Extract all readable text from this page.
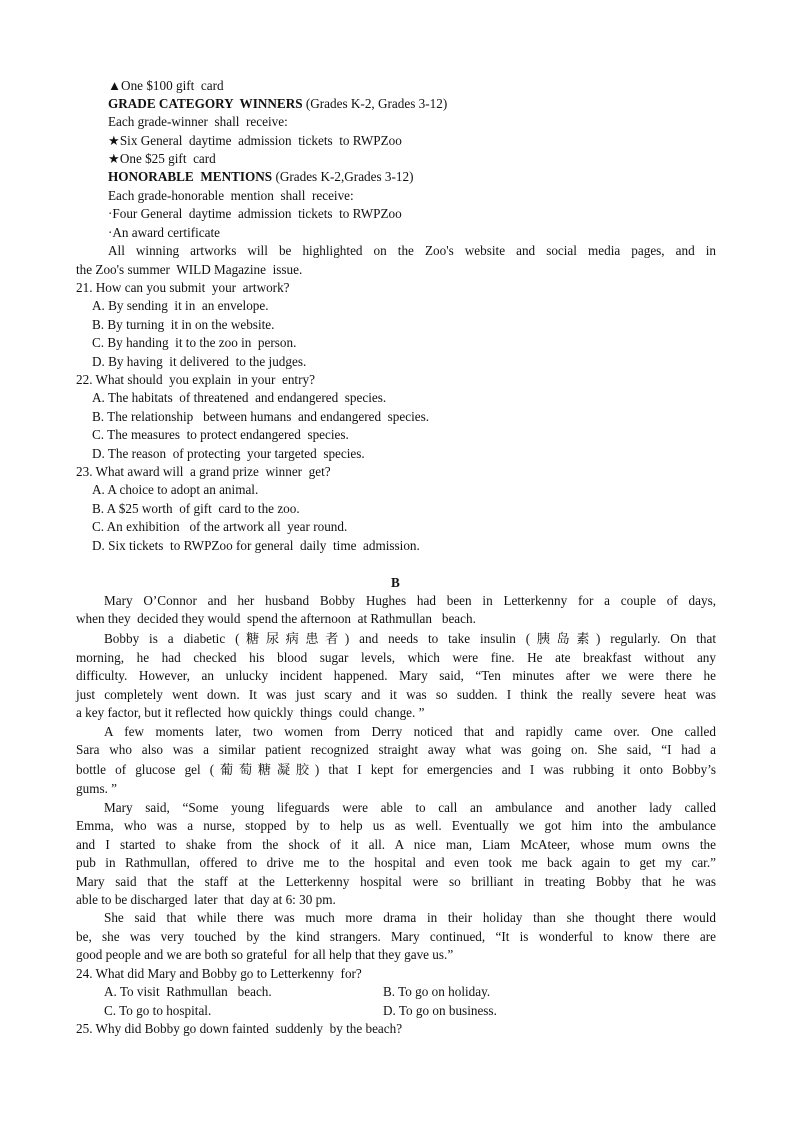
▲One $100 gift  card
GRADE CATEGORY  WINNERS (Grades K-2, Grades 3-12)
Each grade-winner  shall  receive:
★Six General  daytime  admission  tickets  to RWPZoo
★One $25 gift  card
HONORABLE  MENTIONS (Grades K-2,Grades 3-12)
Each grade-honorable  mention  shall  receive:
·Four General  daytime  admission  tickets  to RWPZoo
·An award certificate
All winning artworks will be highlighted on the Zoo's website and social media pages, and in
the Zoo's summer  WILD Magazine  issue.
21. How can you submit  your  artwork?
A. By sending  it in  an envelope.
B. By turning  it in on the website.
C. By handing  it to the zoo in  person.
D. By having  it delivered  to the judges.
22. What should  you explain  in your  entry?
A. The habitats  of threatened  and endangered  species.
B. The relationship   between humans  and endangered  species.
C. The measures  to protect endangered  species.
D. The reason  of protecting  your targeted  species.
23. What award will  a grand prize  winner  get?
A. A choice to adopt an animal.
B. A $25 worth  of gift  card to the zoo.
C. An exhibition   of the artwork all  year round.
D. Six tickets  to RWPZoo for general  daily  time  admission.
B
Mary O’Connor and her husband Bobby Hughes had been in Letterkenny for a couple of days,
when they  decided they would  spend the afternoon  at Rathmullan   beach.
Bobby is a diabetic (糖尿病患者) and needs to take insulin (胰岛素) regularly. On that
morning, he had checked his blood sugar levels, which were fine. He ate breakfast without any
difficulty. However, an unlucky incident happened. Mary said, “Ten minutes after we were there he
just completely went down. It was just scary and it was so sudden. I think the really severe heat was
a key factor, but it reflected  how quickly  things  could  change. ”
A few moments later, two women from Derry noticed that and rapidly came over. One called
Sara who also was a similar patient recognized straight away what was going on. She said, “I had a
bottle of glucose gel (葡萄糖凝胶) that I kept for emergencies and I was rubbing it onto Bobby’s
gums. ”
Mary said, “Some young lifeguards were able to call an ambulance and another lady called
Emma, who was a nurse, stopped by to help us as well. Eventually we got him into the ambulance
and I started to shake from the shock of it all. A nice man, Liam McAteer, whose mum owns the
pub in Rathmullan, offered to drive me to the hospital and even took me back again to get my car.”
Mary said that the staff at the Letterkenny hospital were so brilliant in treating Bobby that he was
able to be discharged  later  that  day at 6: 30 pm.
She said that while there was much more drama in their holiday than she thought there would
be, she was very touched by the kind strangers. Mary continued, “It is wonderful to know there are
good people and we are both so grateful  for all help that they gave us.”
24. What did Mary and Bobby go to Letterkenny  for?
A. To visit  Rathmullan   beach.	B. To go on holiday.
C. To go to hospital.	D. To go on business.
25. Why did Bobby go down fainted  suddenly  by the beach?
